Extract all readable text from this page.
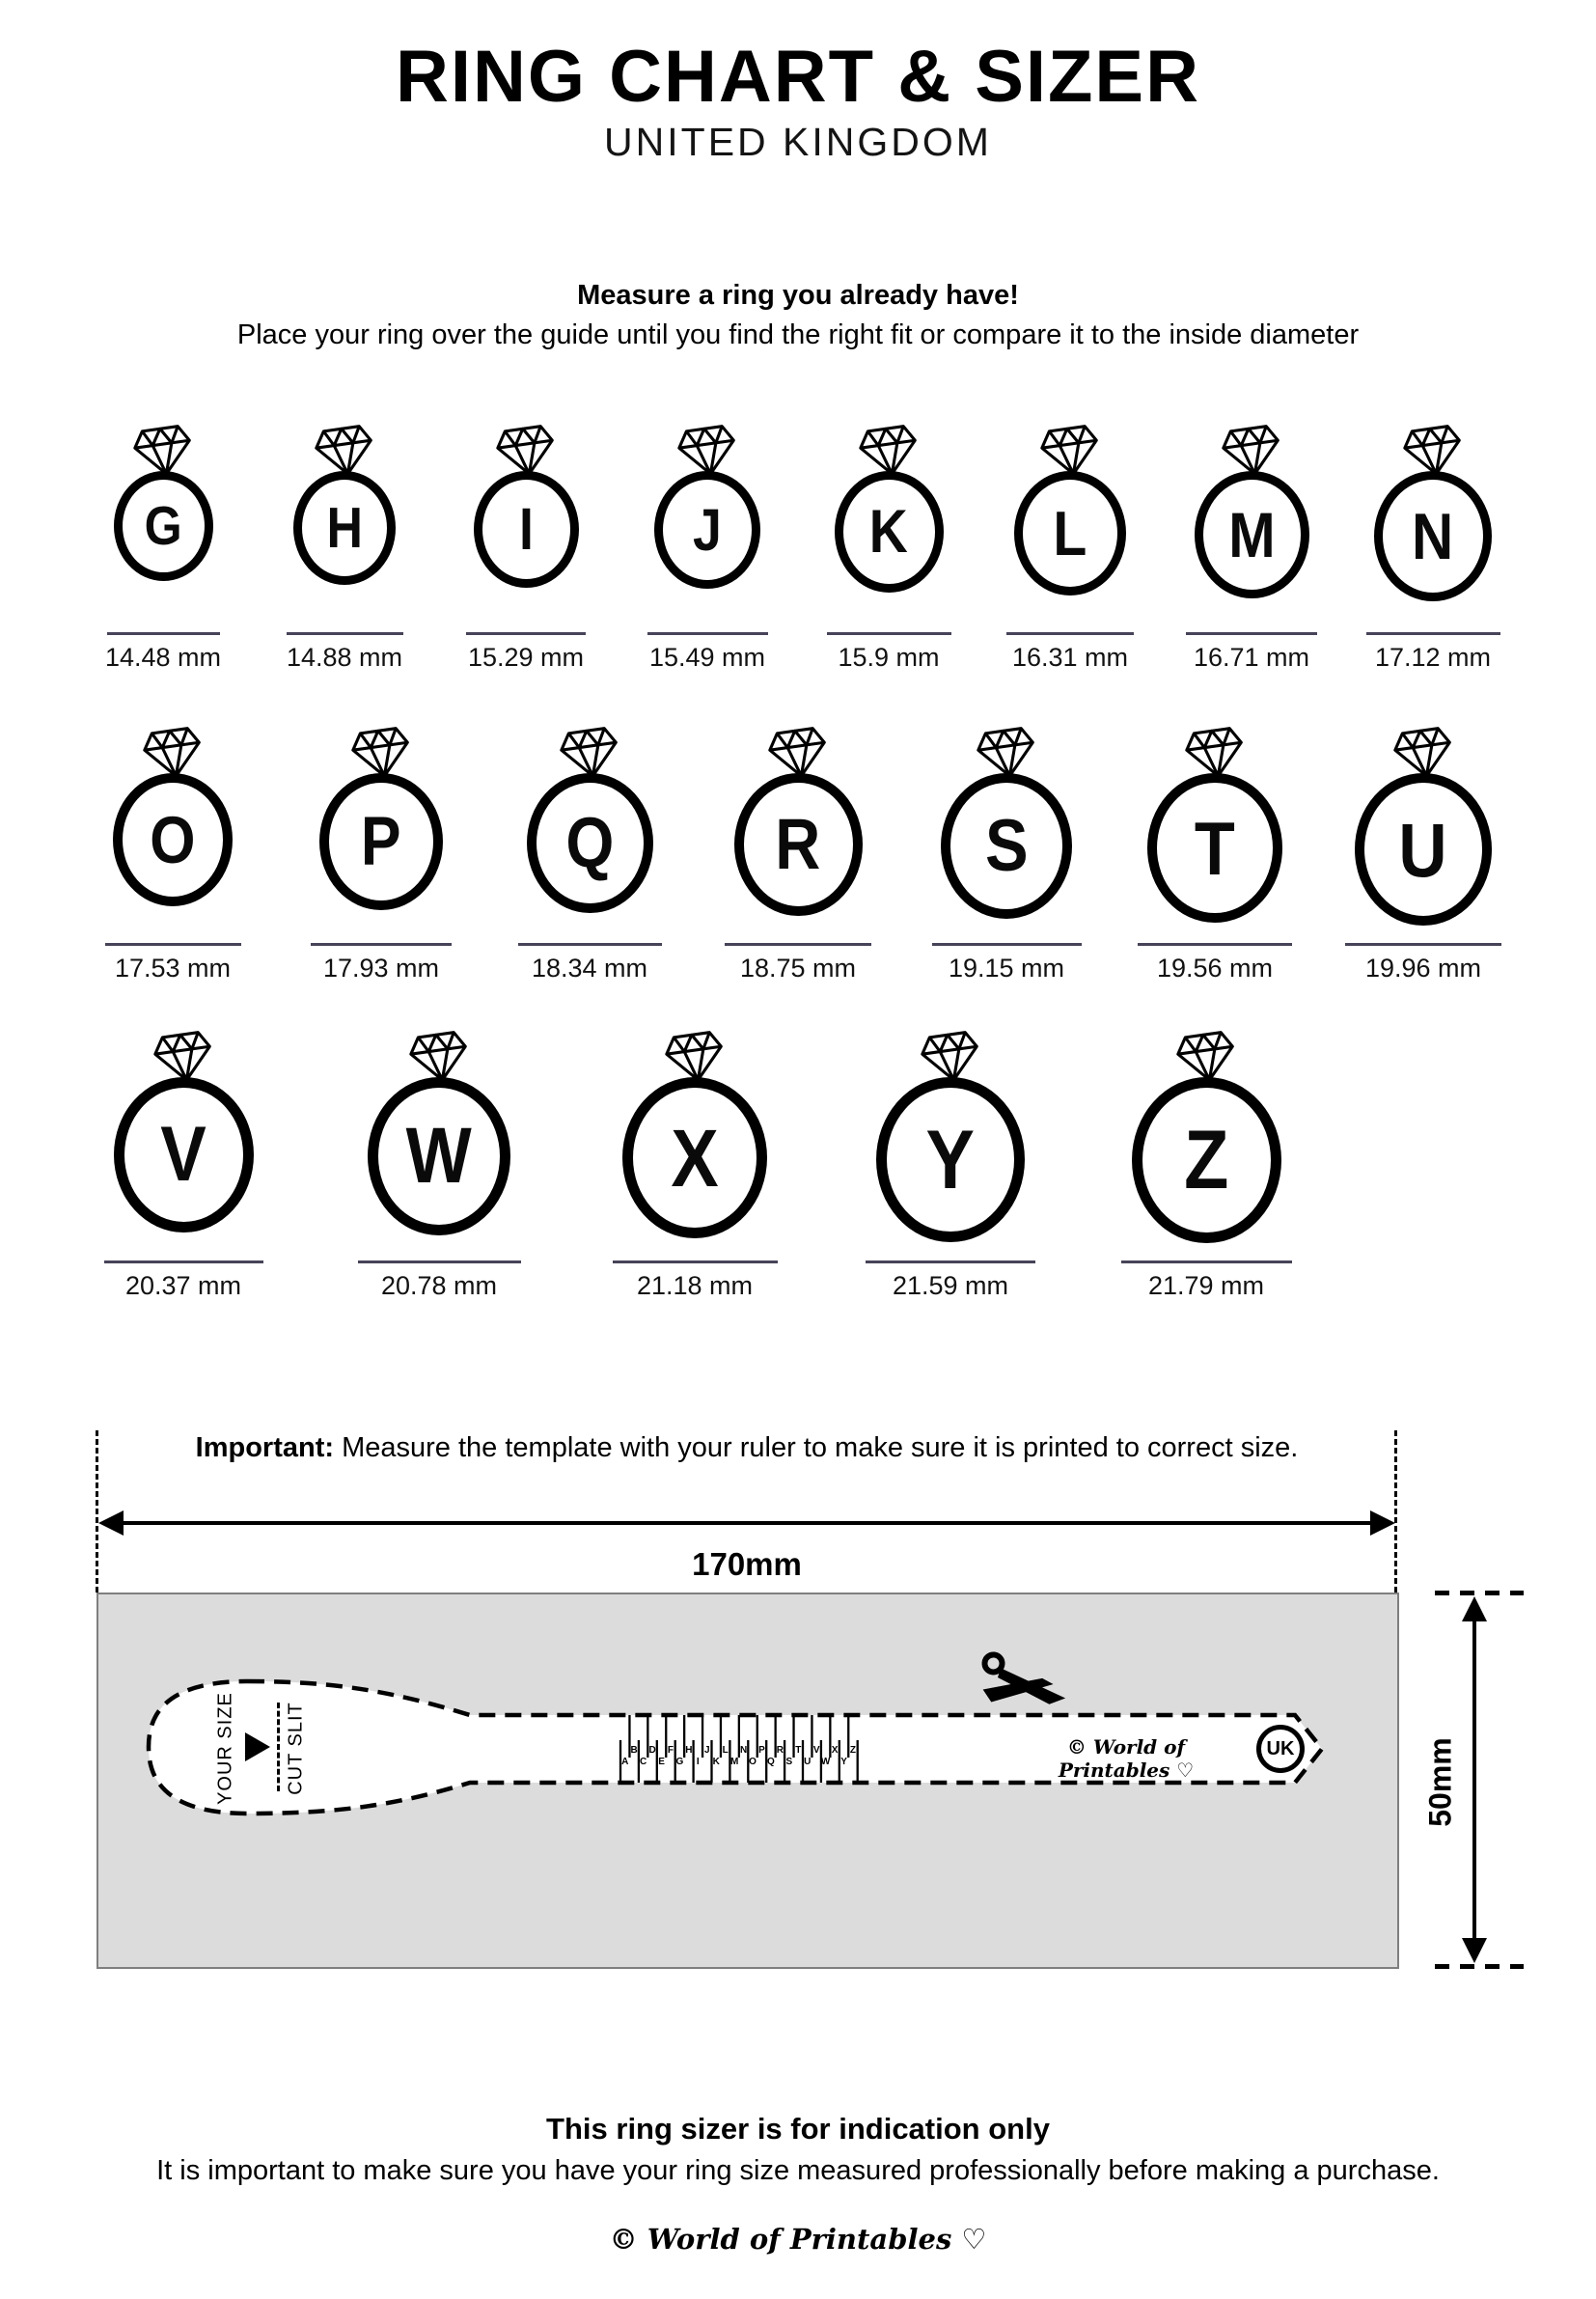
RING CHART & SIZER
UNITED KINGDOM
Measure a ring you already have!
Place your ring over the guide until you find the right fit or compare it to the inside diameter
G
14.48 mm
H
14.88 mm
I
15.29 mm
J
15.49 mm
K
15.9 mm
L
16.31 mm
M
16.71 mm
N
17.12 mm
O
17.53 mm
P
17.93 mm
Q
18.34 mm
R
18.75 mm
S
19.15 mm
T
19.56 mm
U
19.96 mm
V
20.37 mm
W
20.78 mm
X
21.18 mm
Y
21.59 mm
Z
21.79 mm
Important: Measure the template with your ruler to make sure it is printed to correct size.
170mm
YOUR SIZE	CUT SLIT	A
B
C
D
E
F
G
H
I
J
K
L
M
N
O
P
Q
R
S
T
U
V
W
X
Y
Z	© World of Printables ♡
UK	50mm
This ring sizer is for indication only
It is important to make sure you have your ring size measured professionally before making a purchase.
© World of Printables ♡
